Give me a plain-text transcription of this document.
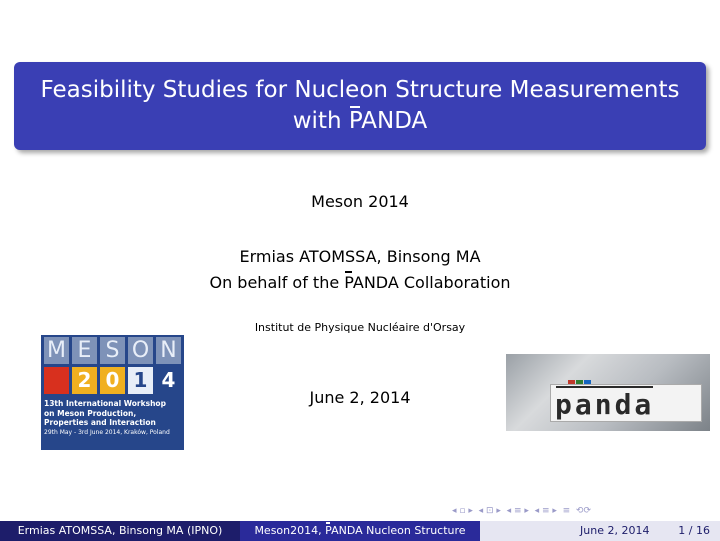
Feasibility Studies for Nucleon Structure Measurements
with PANDA
Meson 2014
Ermias ATOMSSA, Binsong MA
On behalf of the PANDA Collaboration
Institut de Physique Nucléaire d'Orsay
June 2, 2014
M E S O N
2 0 1 4
13th International Workshop
on Meson Production,
Properties and Interaction
29th May - 3rd June 2014, Kraków, Poland
panda
◂ ▫ ▸  ◂ ⊡ ▸  ◂ ≡ ▸  ◂ ≡ ▸  ≡  ⟲⟳
Ermias ATOMSSA, Binsong MA (IPNO)	Meson2014, PANDA Nucleon Structure	June 2, 2014	1 / 16
